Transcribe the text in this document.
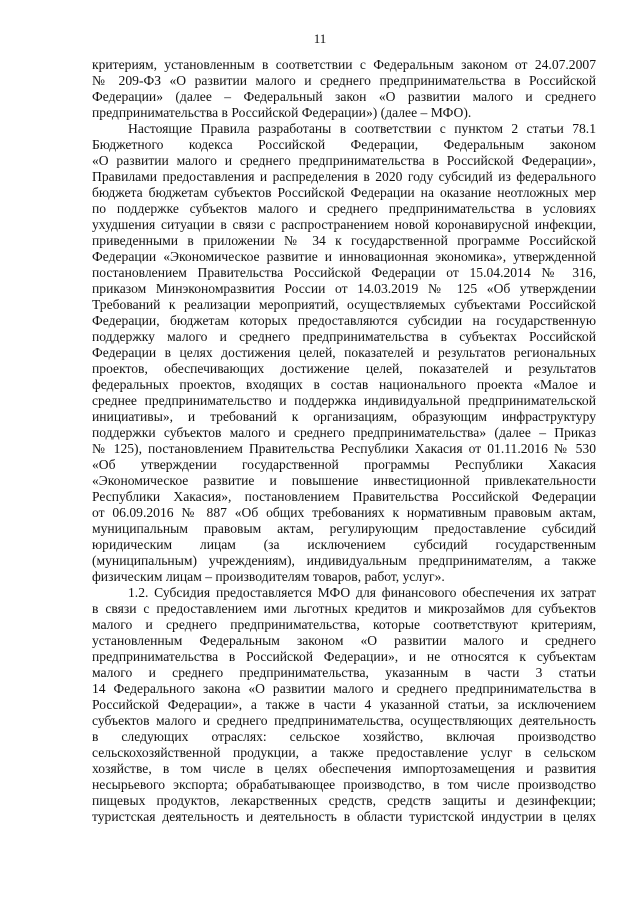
11

критериям, установленным в соответствии с Федеральным законом от 24.07.2007
№ 209-ФЗ «О развитии малого и среднего предпринимательства в Российской
Федерации» (далее – Федеральный закон «О развитии малого и среднего
предпринимательства в Российской Федерации») (далее – МФО).

Настоящие Правила разработаны в соответствии с пунктом 2 статьи 78.1
Бюджетного кодекса Российской Федерации, Федеральным законом
«О развитии малого и среднего предпринимательства в Российской Федерации»,
Правилами предоставления и распределения в 2020 году субсидий из федерального
бюджета бюджетам субъектов Российской Федерации на оказание неотложных мер
по поддержке субъектов малого и среднего предпринимательства в условиях
ухудшения ситуации в связи с распространением новой коронавирусной инфекции,
приведенными в приложении № 34 к государственной программе Российской
Федерации «Экономическое развитие и инновационная экономика», утвержденной
постановлением Правительства Российской Федерации от 15.04.2014 № 316,
приказом Минэкономразвития России от 14.03.2019 № 125 «Об утверждении
Требований к реализации мероприятий, осуществляемых субъектами Российской
Федерации, бюджетам которых предоставляются субсидии на государственную
поддержку малого и среднего предпринимательства в субъектах Российской
Федерации в целях достижения целей, показателей и результатов региональных
проектов, обеспечивающих достижение целей, показателей и результатов
федеральных проектов, входящих в состав национального проекта «Малое и
среднее предпринимательство и поддержка индивидуальной предпринимательской
инициативы», и требований к организациям, образующим инфраструктуру
поддержки субъектов малого и среднего предпринимательства» (далее – Приказ
№ 125), постановлением Правительства Республики Хакасия от 01.11.2016 № 530
«Об утверждении государственной программы Республики Хакасия
«Экономическое развитие и повышение инвестиционной привлекательности
Республики Хакасия», постановлением Правительства Российской Федерации
от 06.09.2016 № 887 «Об общих требованиях к нормативным правовым актам,
муниципальным правовым актам, регулирующим предоставление субсидий
юридическим лицам (за исключением субсидий государственным
(муниципальным) учреждениям), индивидуальным предпринимателям, а также
физическим лицам – производителям товаров, работ, услуг».

1.2. Субсидия предоставляется МФО для финансового обеспечения их затрат
в связи с предоставлением ими льготных кредитов и микрозаймов для субъектов
малого и среднего предпринимательства, которые соответствуют критериям,
установленным Федеральным законом «О развитии малого и среднего
предпринимательства в Российской Федерации», и не относятся к субъектам
малого и среднего предпринимательства, указанным в части 3 статьи
14 Федерального закона «О развитии малого и среднего предпринимательства в
Российской Федерации», а также в части 4 указанной статьи, за исключением
субъектов малого и среднего предпринимательства, осуществляющих деятельность
в следующих отраслях: сельское хозяйство, включая производство
сельскохозяйственной продукции, а также предоставление услуг в сельском
хозяйстве, в том числе в целях обеспечения импортозамещения и развития
несырьевого экспорта; обрабатывающее производство, в том числе производство
пищевых продуктов, лекарственных средств, средств защиты и дезинфекции;
туристская деятельность и деятельность в области туристской индустрии в целях
